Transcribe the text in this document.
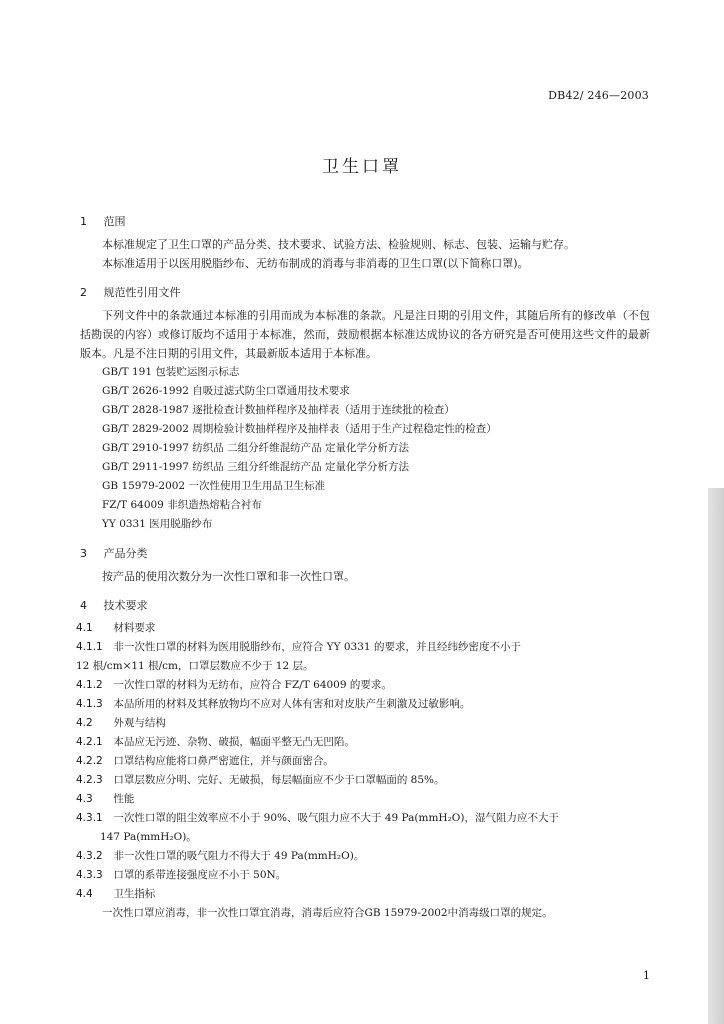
DB42/ 246—2003
卫生口罩
1 范围

本标准规定了卫生口罩的产品分类、技术要求、试验方法、检验规则、标志、包装、运输与贮存。

本标准适用于以医用脱脂纱布、无纺布制成的消毒与非消毒的卫生口罩(以下简称口罩)。

2 规范性引用文件

下列文件中的条款通过本标准的引用而成为本标准的条款。凡是注日期的引用文件，其随后所有的修改单（不包括勘误的内容）或修订版均不适用于本标准，然而，鼓励根据本标准达成协议的各方研究是否可使用这些文件的最新版本。凡是不注日期的引用文件，其最新版本适用于本标准。

GB/T 191 包装贮运图示标志
GB/T 2626-1992 自吸过滤式防尘口罩通用技术要求
GB/T 2828-1987 逐批检查计数抽样程序及抽样表（适用于连续批的检查）
GB/T 2829-2002 周期检验计数抽样程序及抽样表（适用于生产过程稳定性的检查）
GB/T 2910-1997 纺织品 二组分纤维混纺产品 定量化学分析方法
GB/T 2911-1997 纺织品 三组分纤维混纺产品 定量化学分析方法
GB 15979-2002 一次性使用卫生用品卫生标准
FZ/T 64009 非织造热熔粘合衬布
YY 0331 医用脱脂纱布
3 产品分类

按产品的使用次数分为一次性口罩和非一次性口罩。

4 技术要求
4.1 材料要求
4.1.1 非一次性口罩的材料为医用脱脂纱布，应符合 YY 0331 的要求，并且经纬纱密度不小于
12 根/cm×11 根/cm，口罩层数应不少于 12 层。
4.1.2 一次性口罩的材料为无纺布，应符合 FZ/T 64009 的要求。
4.1.3 本品所用的材料及其释放物均不应对人体有害和对皮肤产生刺激及过敏影响。
4.2 外观与结构
4.2.1 本品应无污迹、杂物、破损，幅面平整无凸无凹陷。
4.2.2 口罩结构应能将口鼻严密遮住，并与颜面密合。
4.2.3 口罩层数应分明、完好、无破损，每层幅面应不少于口罩幅面的 85%。
4.3 性能
4.3.1 一次性口罩的阻尘效率应不小于 90%、吸气阻力应不大于 49 Pa(mmH₂O)，湿气阻力应不大于
147 Pa(mmH₂O)。
4.3.2 非一次性口罩的吸气阻力不得大于 49 Pa(mmH₂O)。
4.3.3 口罩的系带连接强度应不小于 50N。
4.4 卫生指标

一次性口罩应消毒，非一次性口罩宜消毒，消毒后应符合GB 15979-2002中消毒级口罩的规定。

1
